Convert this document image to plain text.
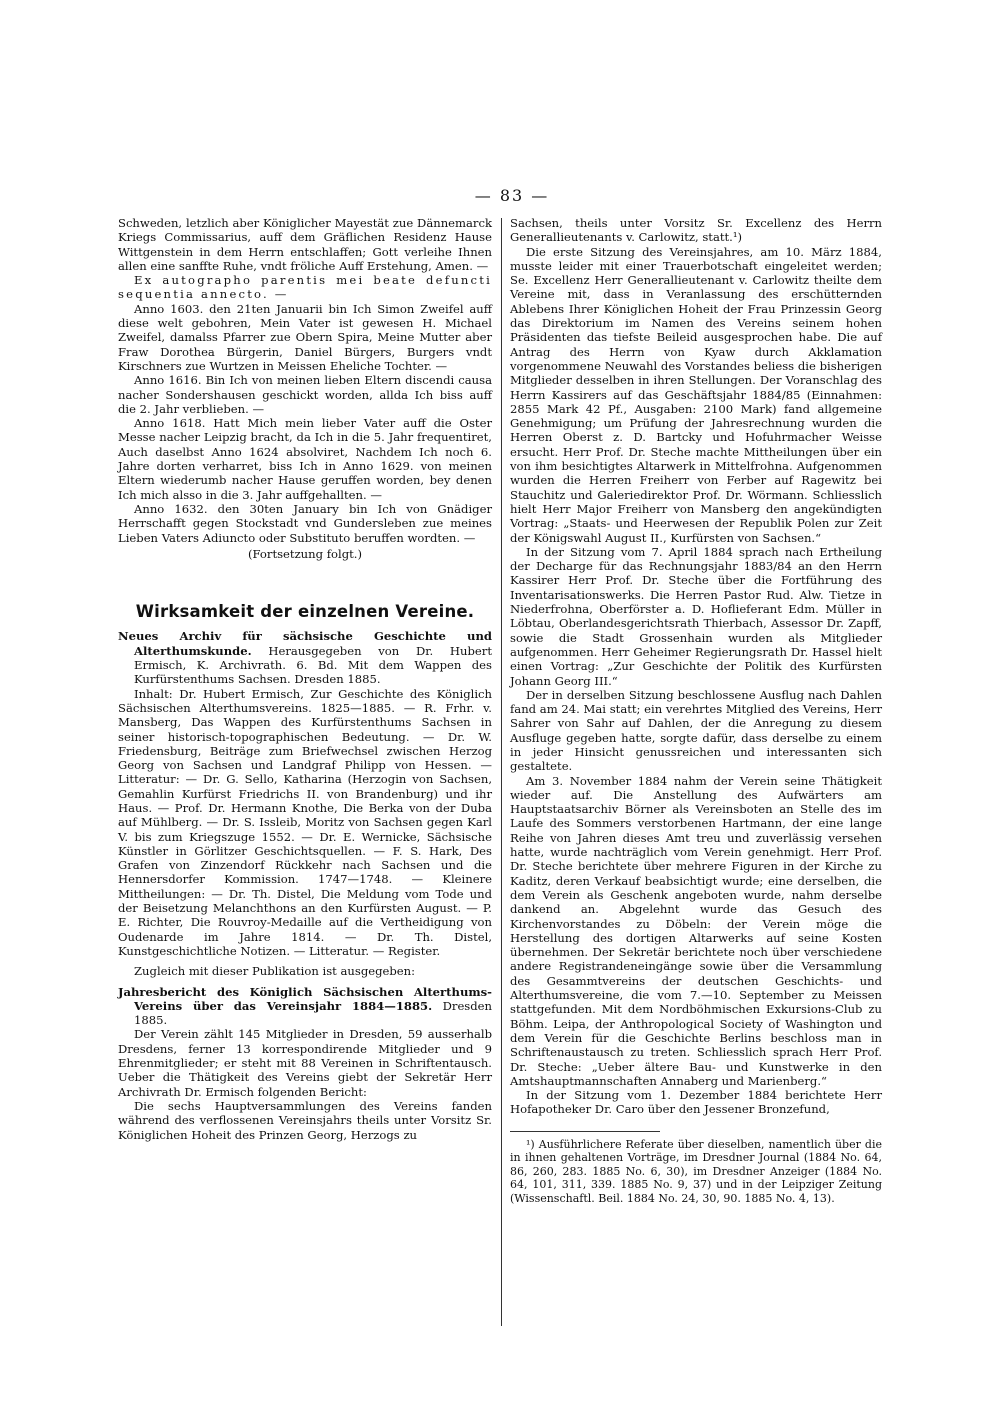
— 83 —

Schweden, letzlich aber Königlicher Mayestät zue Dännemarck Kriegs Commissarius, auff dem Gräflichen Residenz Hause Wittgenstein in dem Herrn entschlaffen; Gott verleihe Ihnen allen eine sanffte Ruhe, vndt fröliche Auff Erstehung, Amen. —

Ex autographo parentis mei beate defuncti sequentia annecto. —

Anno 1603. den 21ten Januarii bin Ich Simon Zweifel auff diese welt gebohren, Mein Vater ist gewesen H. Michael Zweifel, damalss Pfarrer zue Obern Spira, Meine Mutter aber Fraw Dorothea Bürgerin, Daniel Bürgers, Burgers vndt Kirschners zue Wurtzen in Meissen Eheliche Tochter. —

Anno 1616. Bin Ich von meinen lieben Eltern discendi causa nacher Sondershausen geschickt worden, allda Ich biss auff die 2. Jahr verblieben. —

Anno 1618. Hatt Mich mein lieber Vater auff die Oster Messe nacher Leipzig bracht, da Ich in die 5. Jahr frequentiret, Auch daselbst Anno 1624 absolviret, Nachdem Ich noch 6. Jahre dorten verharret, biss Ich in Anno 1629. von meinen Eltern wiederumb nacher Hause geruffen worden, bey denen Ich mich alsso in die 3. Jahr auffgehallten. —

Anno 1632. den 30ten January bin Ich von Gnädiger Herrschafft gegen Stockstadt vnd Gundersleben zue meines Lieben Vaters Adiuncto oder Substituto beruffen wordten. —

(Fortsetzung folgt.)

Wirksamkeit der einzelnen Vereine.

Neues Archiv für sächsische Geschichte und Alterthumskunde. Herausgegeben von Dr. Hubert Ermisch, K. Archivrath. 6. Bd. Mit dem Wappen des Kurfürstenthums Sachsen. Dresden 1885.

Inhalt: Dr. Hubert Ermisch, Zur Geschichte des Königlich Sächsischen Alterthumsvereins. 1825—1885. — R. Frhr. v. Mansberg, Das Wappen des Kurfürstenthums Sachsen in seiner historisch-topographischen Bedeutung. — Dr. W. Friedensburg, Beiträge zum Briefwechsel zwischen Herzog Georg von Sachsen und Landgraf Philipp von Hessen. — Litteratur: — Dr. G. Sello, Katharina (Herzogin von Sachsen, Gemahlin Kurfürst Friedrichs II. von Brandenburg) und ihr Haus. — Prof. Dr. Hermann Knothe, Die Berka von der Duba auf Mühlberg. — Dr. S. Issleib, Moritz von Sachsen gegen Karl V. bis zum Kriegszuge 1552. — Dr. E. Wernicke, Sächsische Künstler in Görlitzer Geschichtsquellen. — F. S. Hark, Des Grafen von Zinzendorf Rückkehr nach Sachsen und die Hennersdorfer Kommission. 1747—1748. — Kleinere Mittheilungen: — Dr. Th. Distel, Die Meldung vom Tode und der Beisetzung Melanchthons an den Kurfürsten August. — P. E. Richter, Die Rouvroy-Medaille auf die Vertheidigung von Oudenarde im Jahre 1814. — Dr. Th. Distel, Kunstgeschichtliche Notizen. — Litteratur. — Register.

Zugleich mit dieser Publikation ist ausgegeben:

Jahresbericht des Königlich Sächsischen Alterthums-Vereins über das Vereinsjahr 1884—1885. Dresden 1885.

Der Verein zählt 145 Mitglieder in Dresden, 59 ausserhalb Dresdens, ferner 13 korrespondirende Mitglieder und 9 Ehrenmitglieder; er steht mit 88 Vereinen in Schriftentausch. Ueber die Thätigkeit des Vereins giebt der Sekretär Herr Archivrath Dr. Ermisch folgenden Bericht:

Die sechs Hauptversammlungen des Vereins fanden während des verflossenen Vereinsjahrs theils unter Vorsitz Sr. Königlichen Hoheit des Prinzen Georg, Herzogs zu

Sachsen, theils unter Vorsitz Sr. Excellenz des Herrn Generallieutenants v. Carlowitz, statt.¹)

Die erste Sitzung des Vereinsjahres, am 10. März 1884, musste leider mit einer Trauerbotschaft eingeleitet werden; Se. Excellenz Herr Generallieutenant v. Carlowitz theilte dem Vereine mit, dass in Veranlassung des erschütternden Ablebens Ihrer Königlichen Hoheit der Frau Prinzessin Georg das Direktorium im Namen des Vereins seinem hohen Präsidenten das tiefste Beileid ausgesprochen habe. Die auf Antrag des Herrn von Kyaw durch Akklamation vorgenommene Neuwahl des Vorstandes beliess die bisherigen Mitglieder desselben in ihren Stellungen. Der Voranschlag des Herrn Kassirers auf das Geschäftsjahr 1884/85 (Einnahmen: 2855 Mark 42 Pf., Ausgaben: 2100 Mark) fand allgemeine Genehmigung; um Prüfung der Jahresrechnung wurden die Herren Oberst z. D. Bartcky und Hofuhrmacher Weisse ersucht. Herr Prof. Dr. Steche machte Mittheilungen über ein von ihm besichtigtes Altarwerk in Mittelfrohna. Aufgenommen wurden die Herren Freiherr von Ferber auf Ragewitz bei Stauchitz und Galeriedirektor Prof. Dr. Wörmann. Schliesslich hielt Herr Major Freiherr von Mansberg den angekündigten Vortrag: „Staats- und Heerwesen der Republik Polen zur Zeit der Königswahl August II., Kurfürsten von Sachsen.“

In der Sitzung vom 7. April 1884 sprach nach Ertheilung der Decharge für das Rechnungsjahr 1883/84 an den Herrn Kassirer Herr Prof. Dr. Steche über die Fortführung des Inventarisationswerks. Die Herren Pastor Rud. Alw. Tietze in Niederfrohna, Oberförster a. D. Hoflieferant Edm. Müller in Löbtau, Oberlandesgerichtsrath Thierbach, Assessor Dr. Zapff, sowie die Stadt Grossenhain wurden als Mitglieder aufgenommen. Herr Geheimer Regierungsrath Dr. Hassel hielt einen Vortrag: „Zur Geschichte der Politik des Kurfürsten Johann Georg III.“

Der in derselben Sitzung beschlossene Ausflug nach Dahlen fand am 24. Mai statt; ein verehrtes Mitglied des Vereins, Herr Sahrer von Sahr auf Dahlen, der die Anregung zu diesem Ausfluge gegeben hatte, sorgte dafür, dass derselbe zu einem in jeder Hinsicht genussreichen und interessanten sich gestaltete.

Am 3. November 1884 nahm der Verein seine Thätigkeit wieder auf. Die Anstellung des Aufwärters am Hauptstaatsarchiv Börner als Vereinsboten an Stelle des im Laufe des Sommers verstorbenen Hartmann, der eine lange Reihe von Jahren dieses Amt treu und zuverlässig versehen hatte, wurde nachträglich vom Verein genehmigt. Herr Prof. Dr. Steche berichtete über mehrere Figuren in der Kirche zu Kaditz, deren Verkauf beabsichtigt wurde; eine derselben, die dem Verein als Geschenk angeboten wurde, nahm derselbe dankend an. Abgelehnt wurde das Gesuch des Kirchenvorstandes zu Döbeln: der Verein möge die Herstellung des dortigen Altarwerks auf seine Kosten übernehmen. Der Sekretär berichtete noch über verschiedene andere Registrandeneingänge sowie über die Versammlung des Gesammtvereins der deutschen Geschichts- und Alterthumsvereine, die vom 7.—10. September zu Meissen stattgefunden. Mit dem Nordböhmischen Exkursions-Club zu Böhm. Leipa, der Anthropological Society of Washington und dem Verein für die Geschichte Berlins beschloss man in Schriftenaustausch zu treten. Schliesslich sprach Herr Prof. Dr. Steche: „Ueber ältere Bau- und Kunstwerke in den Amtshauptmannschaften Annaberg und Marienberg.“

In der Sitzung vom 1. Dezember 1884 berichtete Herr Hofapotheker Dr. Caro über den Jessener Bronzefund,

¹) Ausführlichere Referate über dieselben, namentlich über die in ihnen gehaltenen Vorträge, im Dresdner Journal (1884 No. 64, 86, 260, 283. 1885 No. 6, 30), im Dresdner Anzeiger (1884 No. 64, 101, 311, 339. 1885 No. 9, 37) und in der Leipziger Zeitung (Wissenschaftl. Beil. 1884 No. 24, 30, 90. 1885 No. 4, 13).
